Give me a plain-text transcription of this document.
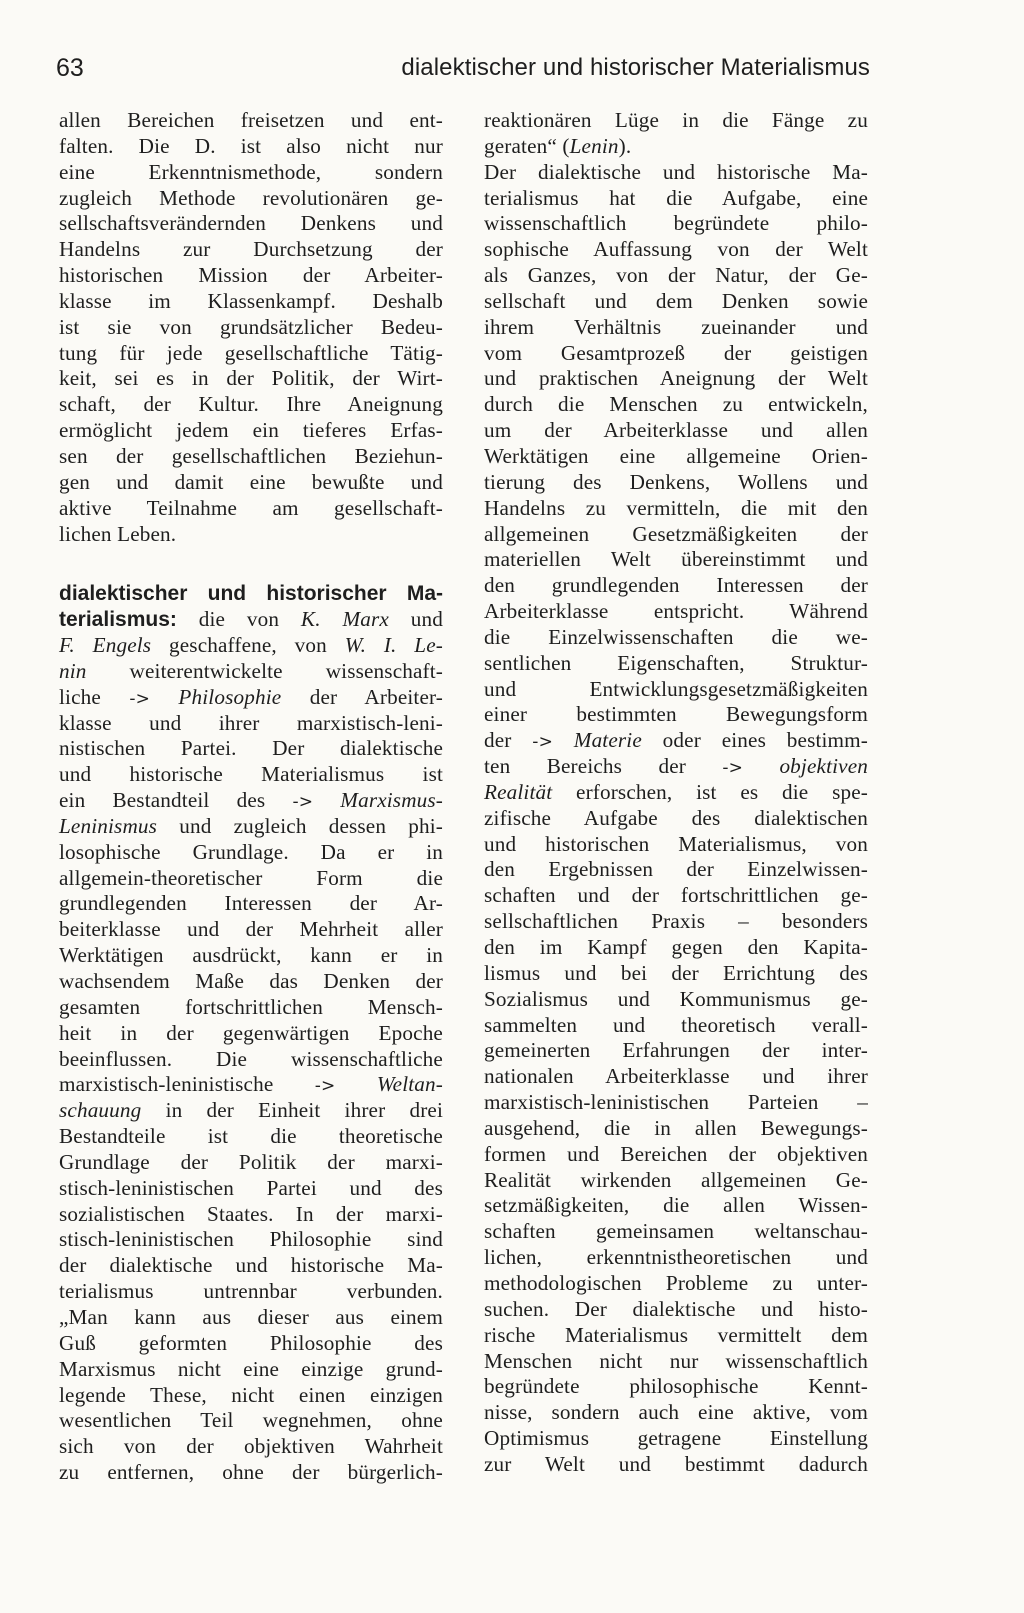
63	dialektischer und historischer Materialismus
allen Bereichen freisetzen und ent-
falten. Die D. ist also nicht nur
eine Erkenntnismethode, sondern
zugleich Methode revolutionären ge-
sellschaftsverändernden Denkens und
Handelns zur Durchsetzung der
historischen Mission der Arbeiter-
klasse im Klassenkampf. Deshalb
ist sie von grundsätzlicher Bedeu-
tung für jede gesellschaftliche Tätig-
keit, sei es in der Politik, der Wirt-
schaft, der Kultur. Ihre Aneignung
ermöglicht jedem ein tieferes Erfas-
sen der gesellschaftlichen Beziehun-
gen und damit eine bewußte und
aktive Teilnahme am gesellschaft-
lichen Leben.
dialektischer und historischer Ma-
terialismus: die von K. Marx und
F. Engels geschaffene, von W. I. Le-
nin weiterentwickelte wissenschaft-
liche -> Philosophie der Arbeiter-
klasse und ihrer marxistisch-leni-
nistischen Partei. Der dialektische
und historische Materialismus ist
ein Bestandteil des -> Marxismus-
Leninismus und zugleich dessen phi-
losophische Grundlage. Da er in
allgemein-theoretischer Form die
grundlegenden Interessen der Ar-
beiterklasse und der Mehrheit aller
Werktätigen ausdrückt, kann er in
wachsendem Maße das Denken der
gesamten fortschrittlichen Mensch-
heit in der gegenwärtigen Epoche
beeinflussen. Die wissenschaftliche
marxistisch-leninistische -> Weltan-
schauung in der Einheit ihrer drei
Bestandteile ist die theoretische
Grundlage der Politik der marxi-
stisch-leninistischen Partei und des
sozialistischen Staates. In der marxi-
stisch-leninistischen Philosophie sind
der dialektische und historische Ma-
terialismus untrennbar verbunden.
„Man kann aus dieser aus einem
Guß geformten Philosophie des
Marxismus nicht eine einzige grund-
legende These, nicht einen einzigen
wesentlichen Teil wegnehmen, ohne
sich von der objektiven Wahrheit
zu entfernen, ohne der bürgerlich-
reaktionären Lüge in die Fänge zu
geraten“ (Lenin).
Der dialektische und historische Ma-
terialismus hat die Aufgabe, eine
wissenschaftlich begründete philo-
sophische Auffassung von der Welt
als Ganzes, von der Natur, der Ge-
sellschaft und dem Denken sowie
ihrem Verhältnis zueinander und
vom Gesamtprozeß der geistigen
und praktischen Aneignung der Welt
durch die Menschen zu entwickeln,
um der Arbeiterklasse und allen
Werktätigen eine allgemeine Orien-
tierung des Denkens, Wollens und
Handelns zu vermitteln, die mit den
allgemeinen Gesetzmäßigkeiten der
materiellen Welt übereinstimmt und
den grundlegenden Interessen der
Arbeiterklasse entspricht. Während
die Einzelwissenschaften die we-
sentlichen Eigenschaften, Struktur-
und Entwicklungsgesetzmäßigkeiten
einer bestimmten Bewegungsform
der -> Materie oder eines bestimm-
ten Bereichs der -> objektiven
Realität erforschen, ist es die spe-
zifische Aufgabe des dialektischen
und historischen Materialismus, von
den Ergebnissen der Einzelwissen-
schaften und der fortschrittlichen ge-
sellschaftlichen Praxis – besonders
den im Kampf gegen den Kapita-
lismus und bei der Errichtung des
Sozialismus und Kommunismus ge-
sammelten und theoretisch verall-
gemeinerten Erfahrungen der inter-
nationalen Arbeiterklasse und ihrer
marxistisch-leninistischen Parteien –
ausgehend, die in allen Bewegungs-
formen und Bereichen der objektiven
Realität wirkenden allgemeinen Ge-
setzmäßigkeiten, die allen Wissen-
schaften gemeinsamen weltanschau-
lichen, erkenntnistheoretischen und
methodologischen Probleme zu unter-
suchen. Der dialektische und histo-
rische Materialismus vermittelt dem
Menschen nicht nur wissenschaftlich
begründete philosophische Kennt-
nisse, sondern auch eine aktive, vom
Optimismus getragene Einstellung
zur Welt und bestimmt dadurch
